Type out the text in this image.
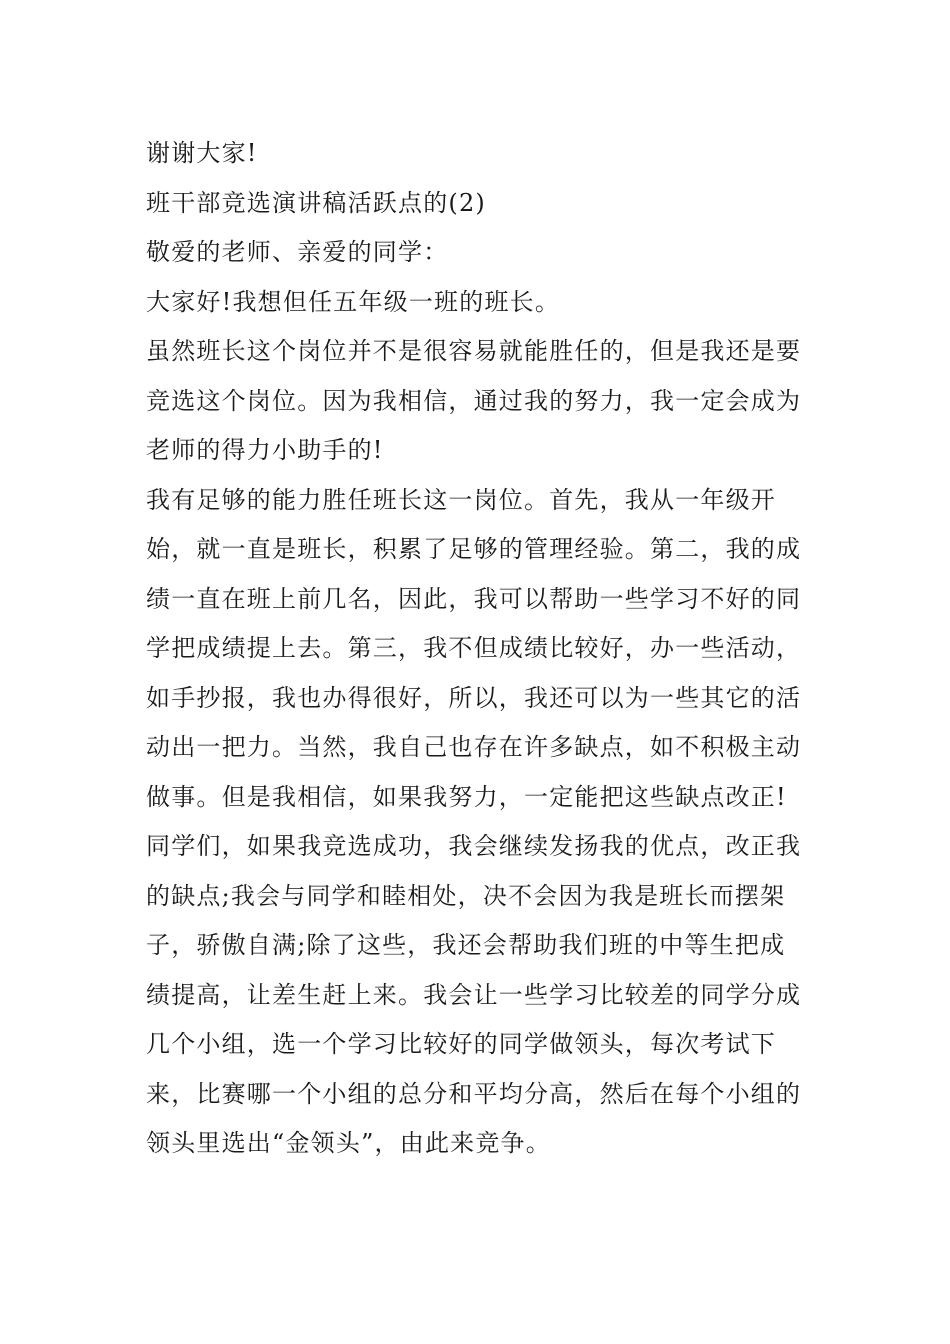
谢谢大家!

班干部竞选演讲稿活跃点的(2)

敬爱的老师、亲爱的同学：

大家好!我想但任五年级一班的班长。

虽然班长这个岗位并不是很容易就能胜任的，但是我还是要竞选这个岗位。因为我相信，通过我的努力，我一定会成为老师的得力小助手的!

我有足够的能力胜任班长这一岗位。首先，我从一年级开始，就一直是班长，积累了足够的管理经验。第二，我的成绩一直在班上前几名，因此，我可以帮助一些学习不好的同学把成绩提上去。第三，我不但成绩比较好，办一些活动，如手抄报，我也办得很好，所以，我还可以为一些其它的活动出一把力。当然，我自己也存在许多缺点，如不积极主动做事。但是我相信，如果我努力，一定能把这些缺点改正!

同学们，如果我竞选成功，我会继续发扬我的优点，改正我的缺点;我会与同学和睦相处，决不会因为我是班长而摆架子，骄傲自满;除了这些，我还会帮助我们班的中等生把成绩提高，让差生赶上来。我会让一些学习比较差的同学分成几个小组，选一个学习比较好的同学做领头，每次考试下来，比赛哪一个小组的总分和平均分高，然后在每个小组的领头里选出“金领头”，由此来竞争。
